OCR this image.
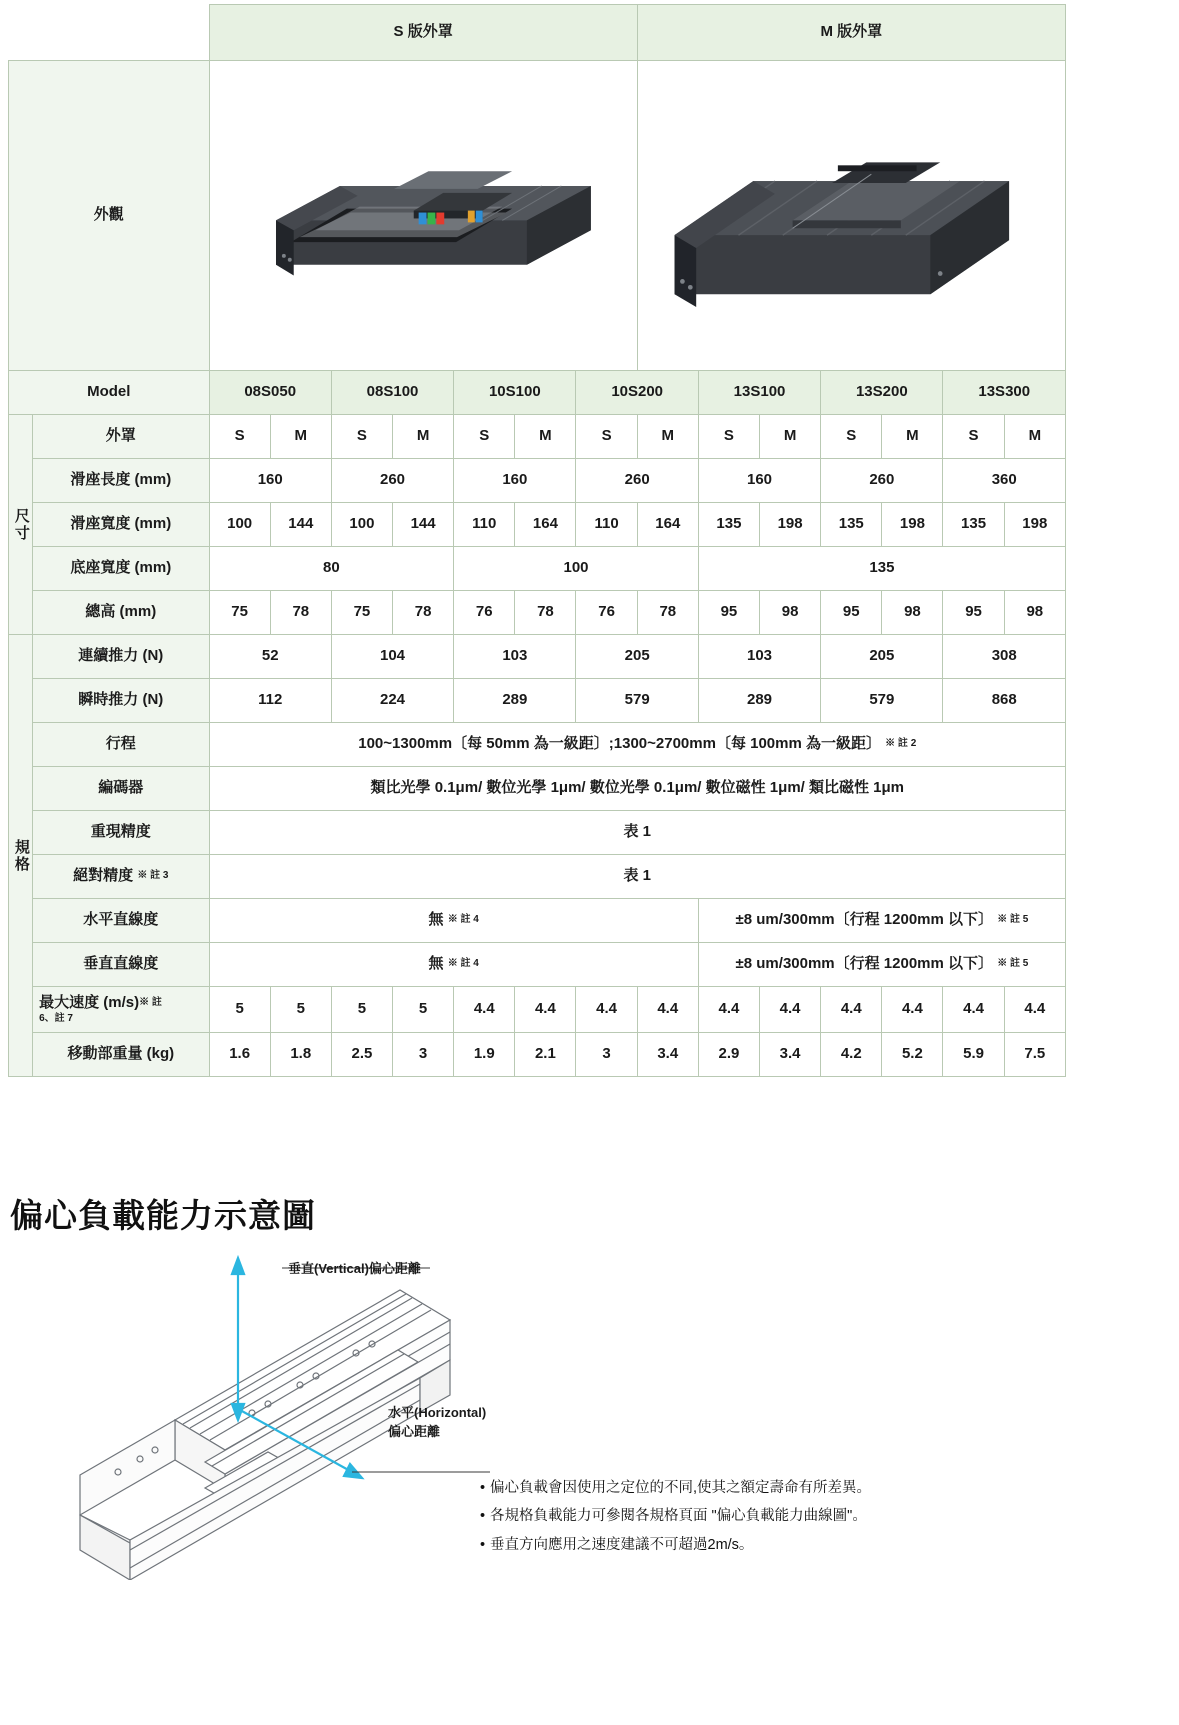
		S 版外罩							M 版外罩						
外觀	

Model		08S050		08S100		10S100		10S200		13S100		13S200		13S300	

尺寸	外罩	S	M	S	M	S	M	S	M	S	M	S	M	S	M
	滑座長度 (mm)	160		260		160		260		160		260		360	
	滑座寬度 (mm)	100	144	100	144	110	164	110	164	135	198	135	198	135	198
	底座寬度 (mm)	80				100				135					
	總高 (mm)	75	78	75	78	76	78	76	78	95	98	95	98	95	98

規格	連續推力 (N)	52		104		103		205		103		205		308	
	瞬時推力 (N)	112		224		289		579		289		579		868	
	行程	100~1300mm〔每 50mm 為一級距〕;1300~2700mm〔每 100mm 為一級距〕 ※ 註 2													
	編碼器	類比光學 0.1μm/ 數位光學 1μm/ 數位光學 0.1μm/ 數位磁性 1μm/ 類比磁性 1μm													
	重現精度	表 1													
	絕對精度 ※ 註 3	表 1													
	水平直線度	無 ※ 註 4								±8 um/300mm〔行程 1200mm 以下〕 ※ 註 5					
	垂直直線度	無 ※ 註 4								±8 um/300mm〔行程 1200mm 以下〕 ※ 註 5					
	最大速度 (m/s)※ 註
6、註 7	5	5	5	5	4.4	4.4	4.4	4.4	4.4	4.4	4.4	4.4	4.4	4.4
	移動部重量 (kg)	1.6	1.8	2.5	3	1.9	2.1	3	3.4	2.9	3.4	4.2	5.2	5.9	7.5
偏心負載能力示意圖
垂直(Vertical)偏心距離
水平(Horizontal)
偏心距離
• 偏心負載會因使用之定位的不同,使其之額定壽命有所差異。
• 各規格負載能力可參閱各規格頁面 "偏心負載能力曲線圖"。
• 垂直方向應用之速度建議不可超過2m/s。
